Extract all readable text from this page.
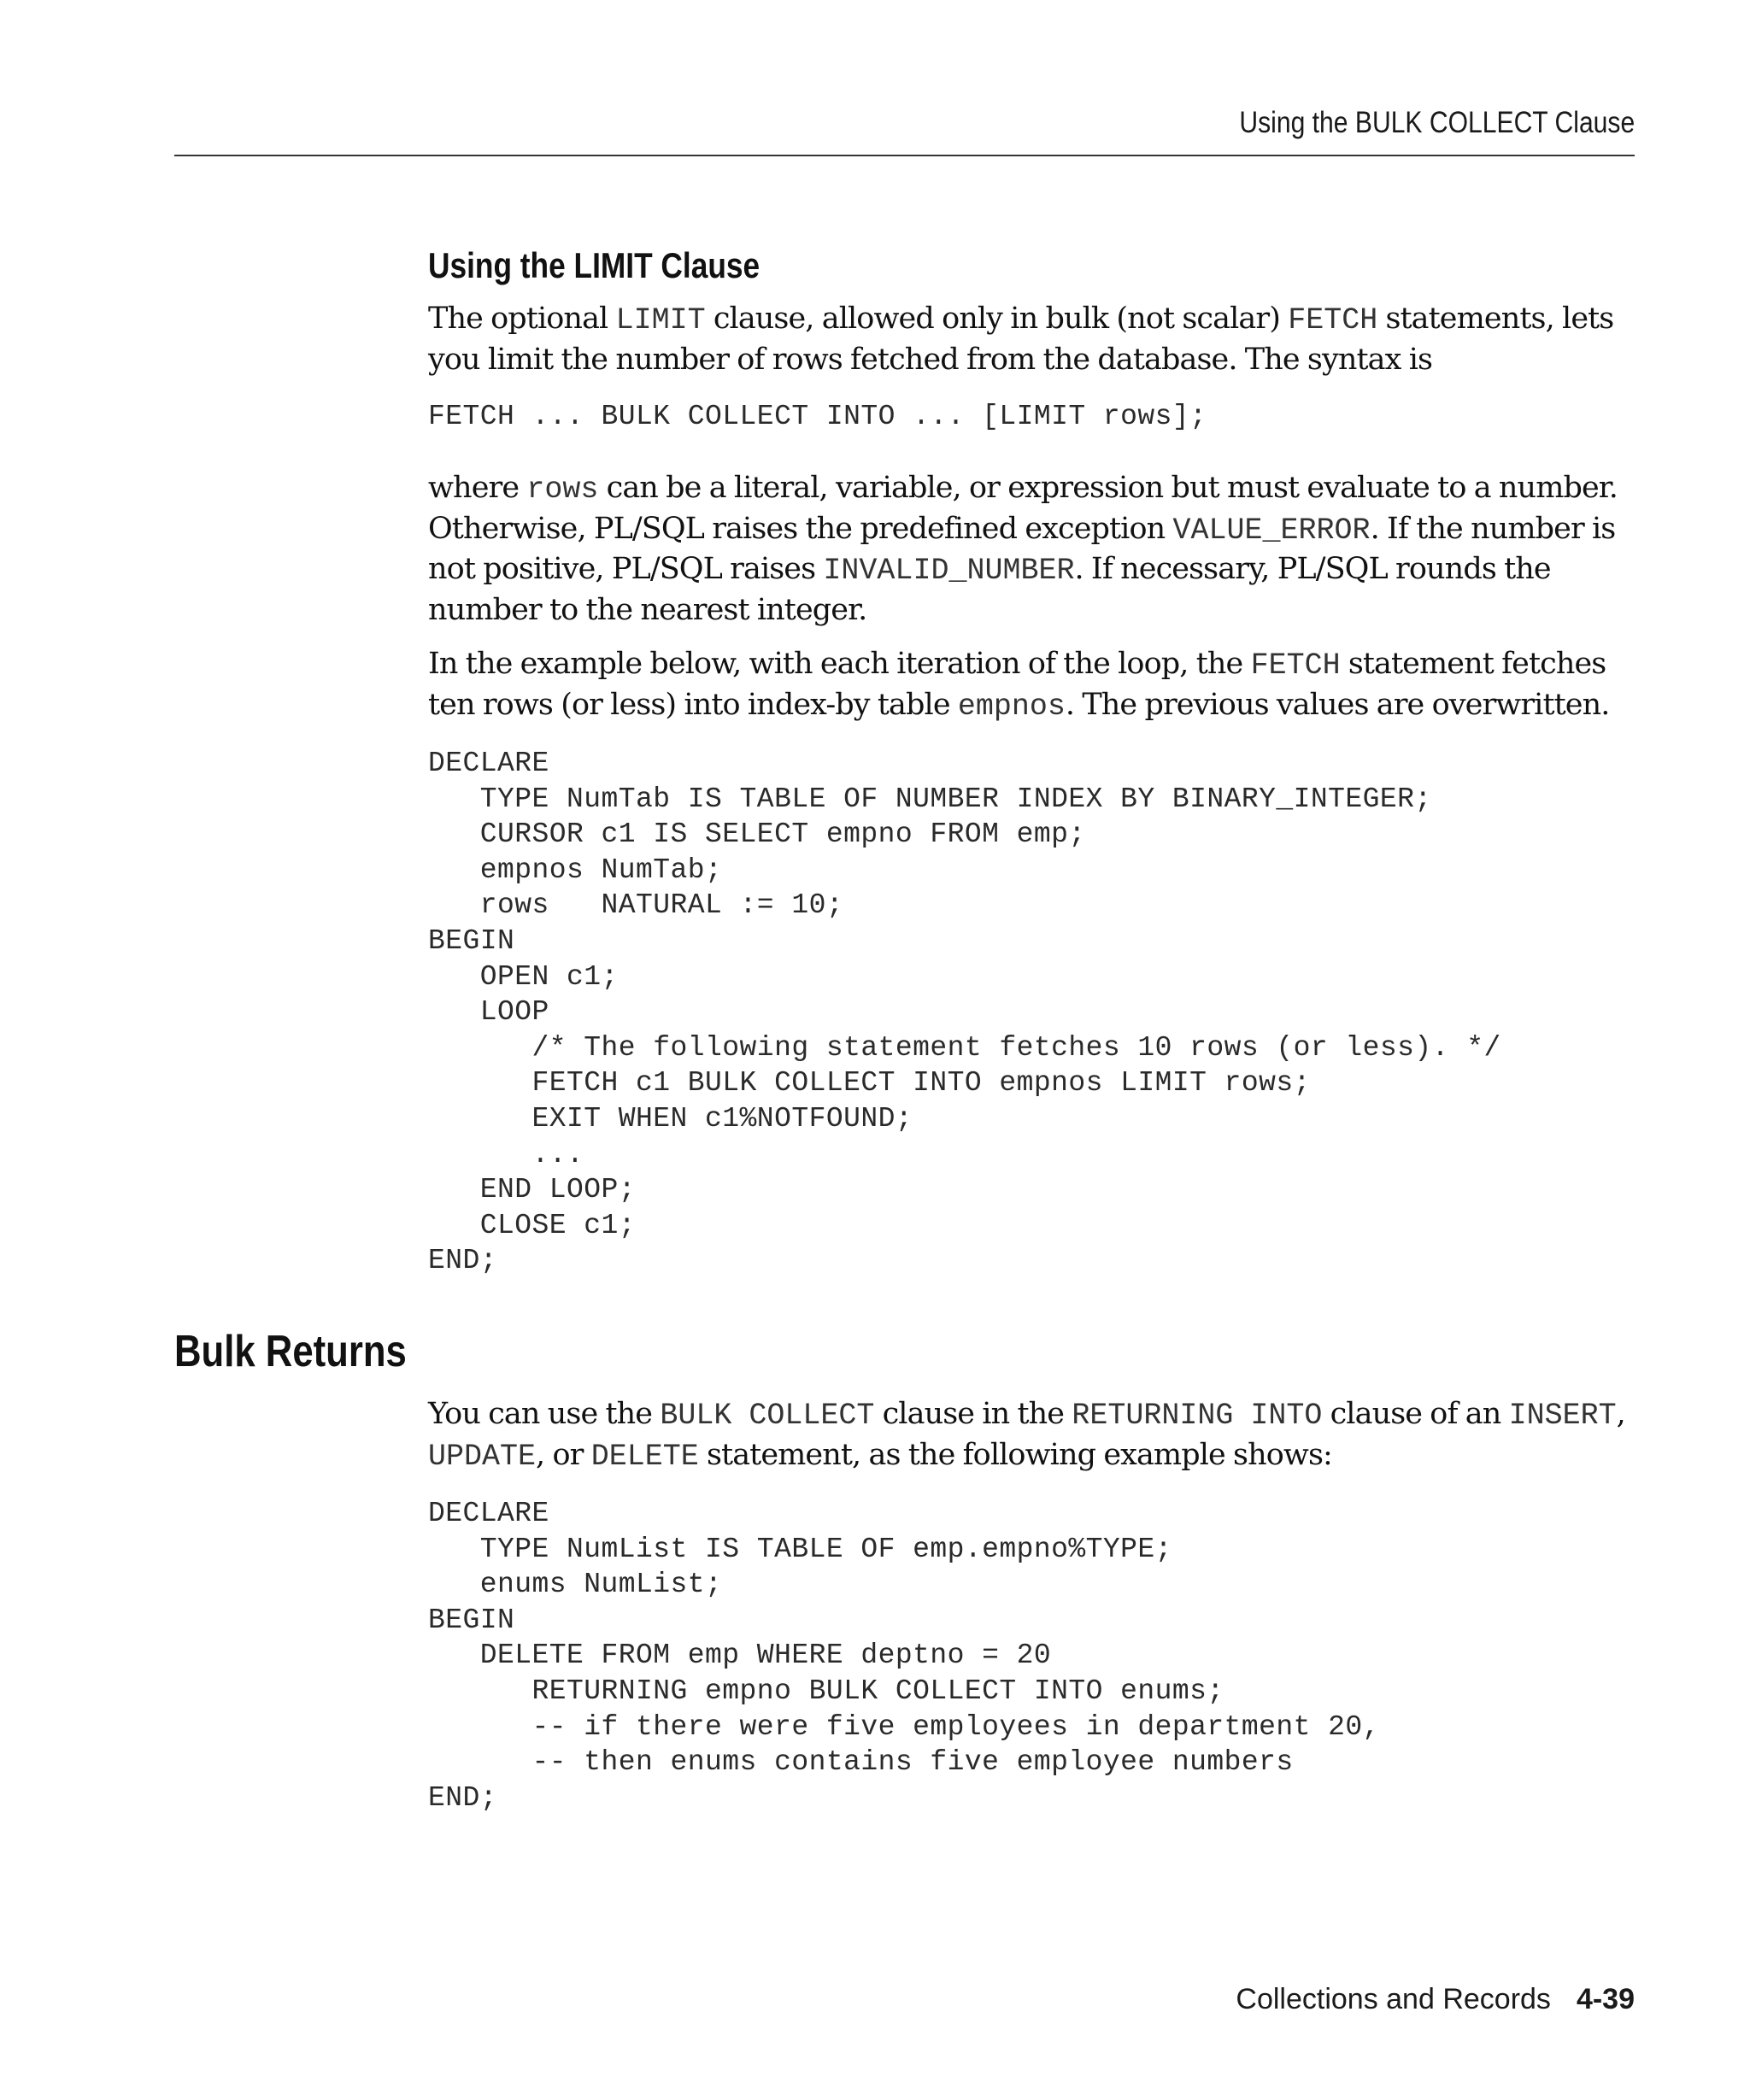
Using the BULK COLLECT Clause
Using the LIMIT Clause

The optional LIMIT clause, allowed only in bulk (not scalar) FETCH statements, lets you limit the number of rows fetched from the database. The syntax is

FETCH ... BULK COLLECT INTO ... [LIMIT rows];

where rows can be a literal, variable, or expression but must evaluate to a number. Otherwise, PL/SQL raises the predefined exception VALUE_ERROR. If the number is not positive, PL/SQL raises INVALID_NUMBER. If necessary, PL/SQL rounds the number to the nearest integer.

In the example below, with each iteration of the loop, the FETCH statement fetches ten rows (or less) into index-by table empnos. The previous values are overwritten.

DECLARE
TYPE NumTab IS TABLE OF NUMBER INDEX BY BINARY_INTEGER;
CURSOR c1 IS SELECT empno FROM emp;
empnos NumTab;
rows   NATURAL := 10;
BEGIN
OPEN c1;
LOOP
/* The following statement fetches 10 rows (or less). */
FETCH c1 BULK COLLECT INTO empnos LIMIT rows;
EXIT WHEN c1%NOTFOUND;
...
END LOOP;
CLOSE c1;
END;
Bulk Returns

You can use the BULK COLLECT clause in the RETURNING INTO clause of an INSERT, UPDATE, or DELETE statement, as the following example shows:

DECLARE
TYPE NumList IS TABLE OF emp.empno%TYPE;
enums NumList;
BEGIN
DELETE FROM emp WHERE deptno = 20
RETURNING empno BULK COLLECT INTO enums;
-- if there were five employees in department 20,
-- then enums contains five employee numbers
END;
Collections and Records 4-39
